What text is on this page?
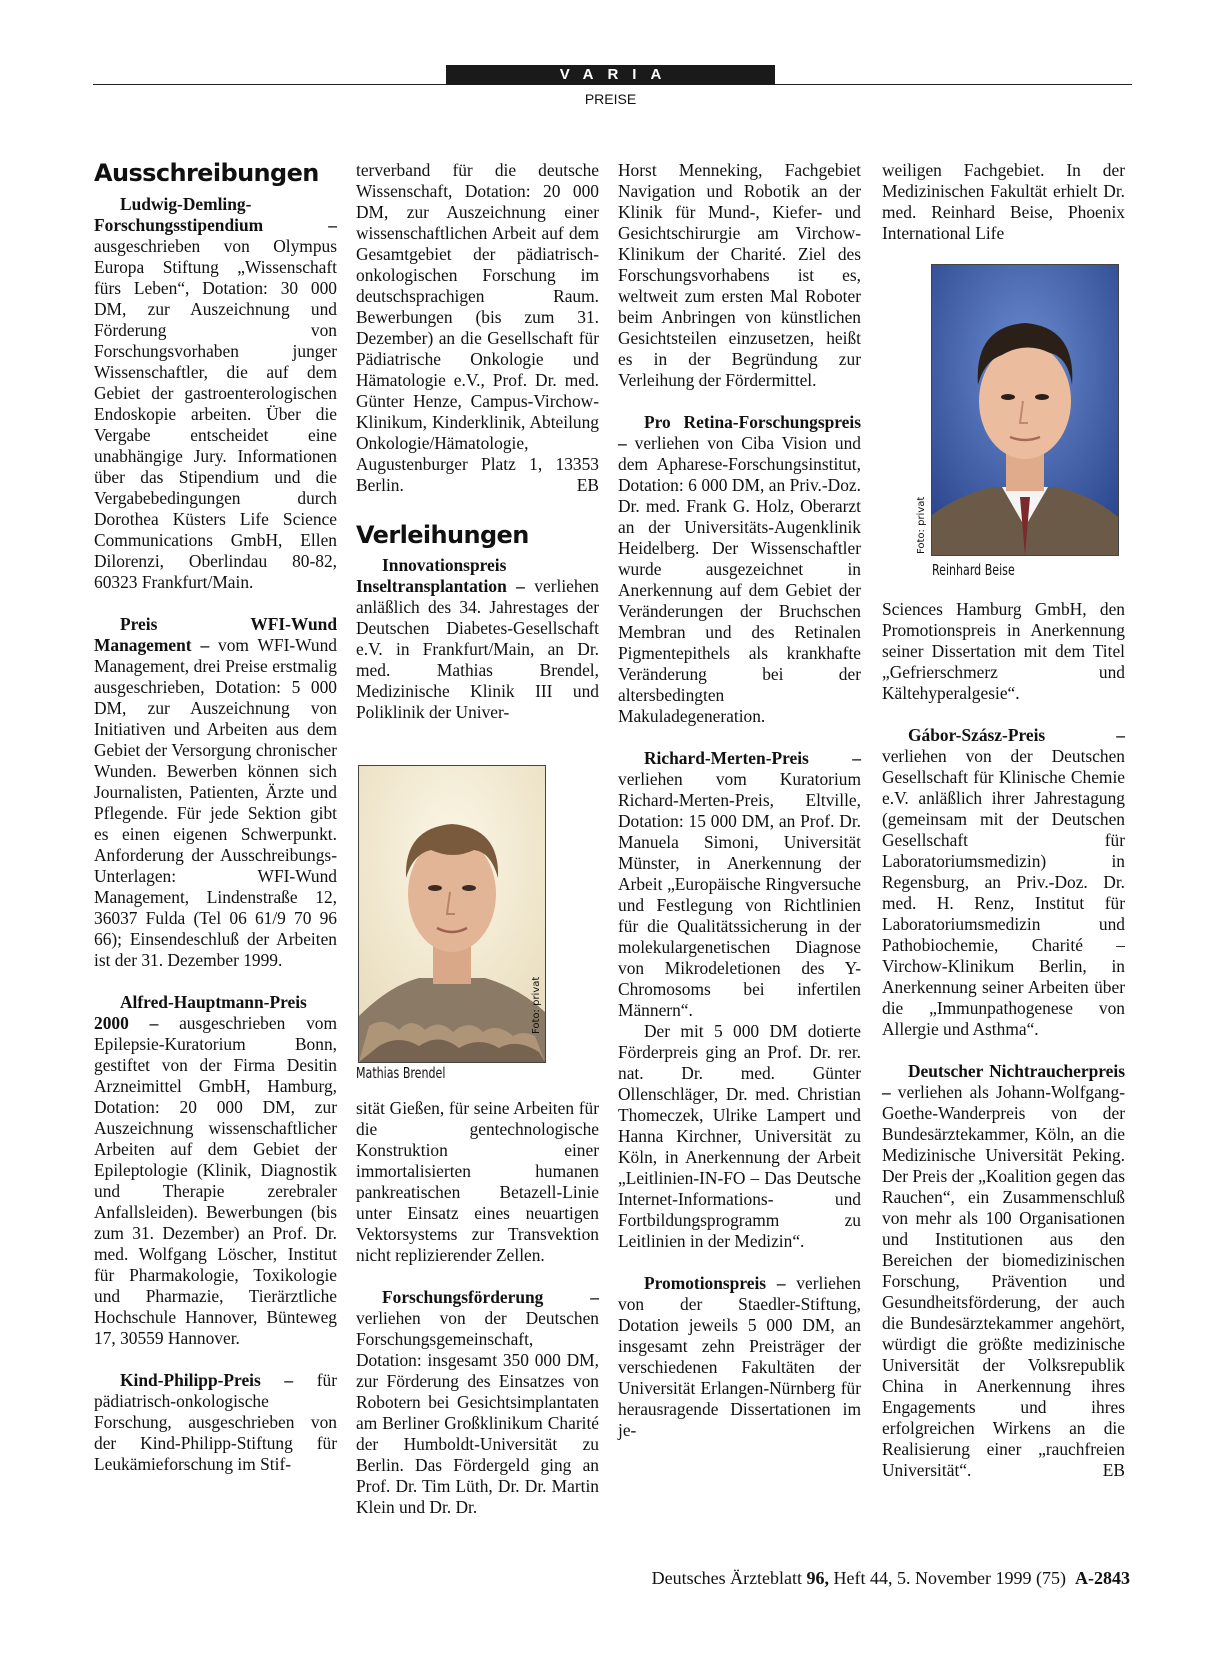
VARIA
PREISE
Ausschreibungen

Ludwig-Demling-Forschungsstipendium – ausgeschrieben von Olympus Europa Stiftung „Wissenschaft fürs Leben“, Dotation: 30 000 DM, zur Auszeichnung und Förderung von Forschungsvorhaben junger Wissenschaftler, die auf dem Gebiet der gastroenterologischen Endoskopie arbeiten. Über die Vergabe entscheidet eine unabhängige Jury. Informationen über das Stipendium und die Vergabebedingungen durch Dorothea Küsters Life Science Communications GmbH, Ellen Dilorenzi, Oberlindau 80-82, 60323 Frankfurt/Main.

Preis WFI-Wund Management – vom WFI-Wund Management, drei Preise erstmalig ausgeschrieben, Dotation: 5 000 DM, zur Auszeichnung von Initiativen und Arbeiten aus dem Gebiet der Versorgung chronischer Wunden. Bewerben können sich Journalisten, Patienten, Ärzte und Pflegende. Für jede Sektion gibt es einen eigenen Schwerpunkt. Anforderung der Ausschreibungs-Unterlagen: WFI-Wund Management, Lindenstraße 12, 36037 Fulda (Tel 06 61/9 70 96 66); Einsendeschluß der Arbeiten ist der 31. Dezember 1999.

Alfred-Hauptmann-Preis 2000 – ausgeschrieben vom Epilepsie-Kuratorium Bonn, gestiftet von der Firma Desitin Arzneimittel GmbH, Hamburg, Dotation: 20 000 DM, zur Auszeichnung wissenschaftlicher Arbeiten auf dem Gebiet der Epileptologie (Klinik, Diagnostik und Therapie zerebraler Anfallsleiden). Bewerbungen (bis zum 31. Dezember) an Prof. Dr. med. Wolfgang Löscher, Institut für Pharmakologie, Toxikologie und Pharmazie, Tierärztliche Hochschule Hannover, Bünteweg 17, 30559 Hannover.

Kind-Philipp-Preis – für pädiatrisch-onkologische Forschung, ausgeschrieben von der Kind-Philipp-Stiftung für Leukämieforschung im Stif-

terverband für die deutsche Wissenschaft, Dotation: 20 000 DM, zur Auszeichnung einer wissenschaftlichen Arbeit auf dem Gesamtgebiet der pädiatrisch-onkologischen Forschung im deutschsprachigen Raum. Bewerbungen (bis zum 31. Dezember) an die Gesellschaft für Pädiatrische Onkologie und Hämatologie e.V., Prof. Dr. med. Günter Henze, Campus-Virchow-Klinikum, Kinderklinik, Abteilung Onkologie/Hämatologie, Augustenburger Platz 1, 13353 Berlin.	EB

Verleihungen

Innovationspreis Inseltransplantation – verliehen anläßlich des 34. Jahrestages der Deutschen Diabetes-Gesellschaft e.V. in Frankfurt/Main, an Dr. med. Mathias Brendel, Medizinische Klinik III und Poliklinik der Univer-

sität Gießen, für seine Arbeiten für die gentechnologische Konstruktion einer immortalisierten humanen pankreatischen Betazell-Linie unter Einsatz eines neuartigen Vektorsystems zur Transvektion nicht replizierender Zellen.

Forschungsförderung – verliehen von der Deutschen Forschungsgemeinschaft, Dotation: insgesamt 350 000 DM, zur Förderung des Einsatzes von Robotern bei Gesichtsimplantaten am Berliner Großklinikum Charité der Humboldt-Universität zu Berlin. Das Fördergeld ging an Prof. Dr. Tim Lüth, Dr. Dr. Martin Klein und Dr. Dr.

Foto: privat
Mathias Brendel

Horst Menneking, Fachgebiet Navigation und Robotik an der Klinik für Mund-, Kiefer- und Gesichtschirurgie am Virchow-Klinikum der Charité. Ziel des Forschungsvorhabens ist es, weltweit zum ersten Mal Roboter beim Anbringen von künstlichen Gesichtsteilen einzusetzen, heißt es in der Begründung zur Verleihung der Fördermittel.

Pro Retina-Forschungspreis – verliehen von Ciba Vision und dem Apharese-Forschungsinstitut, Dotation: 6 000 DM, an Priv.-Doz. Dr. med. Frank G. Holz, Oberarzt an der Universitäts-Augenklinik Heidelberg. Der Wissenschaftler wurde ausgezeichnet in Anerkennung auf dem Gebiet der Veränderungen der Bruchschen Membran und des Retinalen Pigmentepithels als krankhafte Veränderung bei der altersbedingten Makuladegeneration.

Richard-Merten-Preis – verliehen vom Kuratorium Richard-Merten-Preis, Eltville, Dotation: 15 000 DM, an Prof. Dr. Manuela Simoni, Universität Münster, in Anerkennung der Arbeit „Europäische Ringversuche und Festlegung von Richtlinien für die Qualitätssicherung in der molekulargenetischen Diagnose von Mikrodeletionen des Y-Chromosoms bei infertilen Männern“.

Der mit 5 000 DM dotierte Förderpreis ging an Prof. Dr. rer. nat. Dr. med. Günter Ollenschläger, Dr. med. Christian Thomeczek, Ulrike Lampert und Hanna Kirchner, Universität zu Köln, in Anerkennung der Arbeit „Leitlinien-IN-FO – Das Deutsche Internet-Informations- und Fortbildungsprogramm zu Leitlinien in der Medizin“.

Promotionspreis – verliehen von der Staedler-Stiftung, Dotation jeweils 5 000 DM, an insgesamt zehn Preisträger der verschiedenen Fakultäten der Universität Erlangen-Nürnberg für herausragende Dissertationen im je-

weiligen Fachgebiet. In der Medizinischen Fakultät erhielt Dr. med. Reinhard Beise, Phoenix International Life

Foto: privat
Reinhard Beise

Sciences Hamburg GmbH, den Promotionspreis in Anerkennung seiner Dissertation mit dem Titel „Gefrierschmerz und Kältehyperalgesie“.

Gábor-Szász-Preis – verliehen von der Deutschen Gesellschaft für Klinische Chemie e.V. anläßlich ihrer Jahrestagung (gemeinsam mit der Deutschen Gesellschaft für Laboratoriumsmedizin) in Regensburg, an Priv.-Doz. Dr. med. H. Renz, Institut für Laboratoriumsmedizin und Pathobiochemie, Charité – Virchow-Klinikum Berlin, in Anerkennung seiner Arbeiten über die „Immunpathogenese von Allergie und Asthma“.

Deutscher Nichtraucherpreis – verliehen als Johann-Wolfgang-Goethe-Wanderpreis von der Bundesärztekammer, Köln, an die Medizinische Universität Peking. Der Preis der „Koalition gegen das Rauchen“, ein Zusammenschluß von mehr als 100 Organisationen und Institutionen aus den Bereichen der biomedizinischen Forschung, Prävention und Gesundheitsförderung, der auch die Bundesärztekammer angehört, würdigt die größte medizinische Universität der Volksrepublik China in Anerkennung ihres Engagements und ihres erfolgreichen Wirkens an die Realisierung einer „rauchfreien Universität“.	EB

Deutsches Ärzteblatt 96, Heft 44, 5. November 1999 (75) A-2843
